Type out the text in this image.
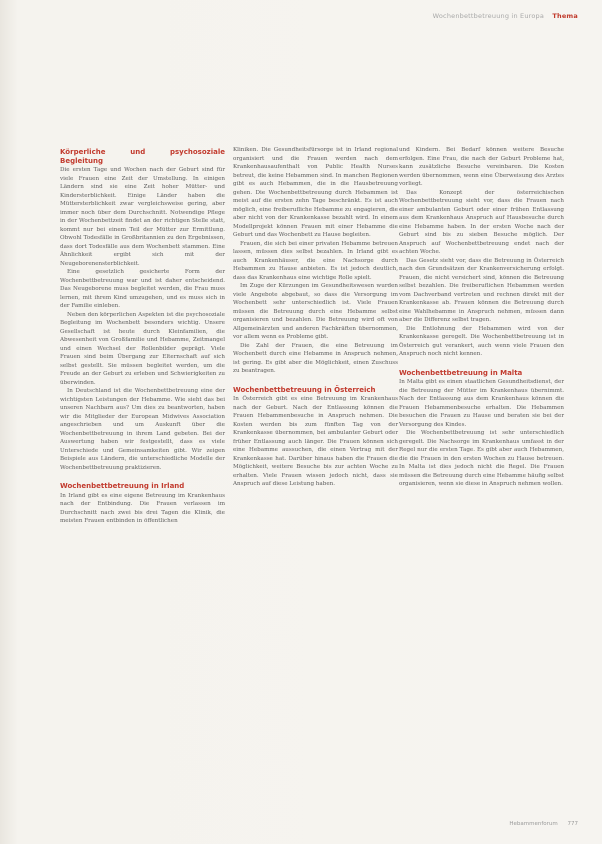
Wochenbettbetreuung in Europa Thema
Körperliche und psychosoziale Begleitung

Die ersten Tage und Wochen nach der Geburt sind für viele Frauen eine Zeit der Umstellung. In einigen Ländern sind sie eine Zeit hoher Mütter- und Kindersterblichkeit. Einige Länder haben die Müttersterblichkeit zwar vergleichsweise gering, aber immer noch über dem Durchschnitt. Notwendige Pflege in der Wochenbettzeit findet an der richtigen Stelle statt, kommt nur bei einem Teil der Mütter zur Ermittlung. Obwohl Todesfälle in Großbritannien zu den Ergebnissen, dass dort Todesfälle aus dem Wochenbett stammen. Eine Ähnlichkeit ergibt sich mit der Neugeborenensterblichkeit.

Eine gesetzlich gesicherte Form der Wochenbettbetreuung war und ist daher entscheidend. Das Neugeborene muss begleitet werden, die Frau muss lernen, mit ihrem Kind umzugehen, und es muss sich in der Familie einleben.

Neben den körperlichen Aspekten ist die psychosoziale Begleitung im Wochenbett besonders wichtig. Unsere Gesellschaft ist heute durch Kleinfamilien, die Abwesenheit von Großfamilie und Hebamme, Zeitmangel und einen Wechsel der Rollenbilder geprägt. Viele Frauen sind beim Übergang zur Elternschaft auf sich selbst gestellt. Sie müssen begleitet werden, um die Freude an der Geburt zu erleben und Schwierigkeiten zu überwinden.

In Deutschland ist die Wochenbettbetreuung eine der wichtigsten Leistungen der Hebamme. Wie sieht das bei unseren Nachbarn aus? Um dies zu beantworten, haben wir die Mitglieder der European Midwives Association angeschrieben und um Auskunft über die Wochenbettbetreuung in ihrem Land gebeten. Bei der Auswertung haben wir festgestellt, dass es viele Unterschiede und Gemeinsamkeiten gibt. Wir zeigen Beispiele aus Ländern, die unterschiedliche Modelle der Wochenbettbetreuung praktizieren.

Wochenbettbetreuung in Irland

In Irland gibt es eine eigene Betreuung im Krankenhaus nach der Entbindung. Die Frauen verlassen im Durchschnitt nach zwei bis drei Tagen die Klinik, die meisten Frauen entbinden in öffentlichen

Kliniken. Die Gesundheitsfürsorge ist in Irland regional organisiert und die Frauen werden nach dem Krankenhausaufenthalt von Public Health Nurses betreut, die keine Hebammen sind. In manchen Regionen gibt es auch Hebammen, die in die Hausbetreuung gehen. Die Wochenbettbetreuung durch Hebammen ist meist auf die ersten zehn Tage beschränkt. Es ist auch möglich, eine freiberufliche Hebamme zu engagieren, die aber nicht von der Krankenkasse bezahlt wird. In einem Modellprojekt können Frauen mit einer Hebamme die Geburt und das Wochenbett zu Hause begleiten.

Frauen, die sich bei einer privaten Hebamme betreuen lassen, müssen dies selbst bezahlen. In Irland gibt es auch Krankenhäuser, die eine Nachsorge durch Hebammen zu Hause anbieten. Es ist jedoch deutlich, dass das Krankenhaus eine wichtige Rolle spielt.

Im Zuge der Kürzungen im Gesundheitswesen wurden viele Angebote abgebaut, so dass die Versorgung im Wochenbett sehr unterschiedlich ist. Viele Frauen müssen die Betreuung durch eine Hebamme selbst organisieren und bezahlen. Die Betreuung wird oft von Allgemeinärzten und anderen Fachkräften übernommen, vor allem wenn es Probleme gibt.

Die Zahl der Frauen, die eine Betreuung im Wochenbett durch eine Hebamme in Anspruch nehmen, ist gering. Es gibt aber die Möglichkeit, einen Zuschuss zu beantragen.

Wochenbettbetreuung in Österreich

In Österreich gibt es eine Betreuung im Krankenhaus nach der Geburt. Nach der Entlassung können die Frauen Hebammenbesuche in Anspruch nehmen. Die Kosten werden bis zum fünften Tag von der Krankenkasse übernommen, bei ambulanter Geburt oder früher Entlassung auch länger. Die Frauen können sich eine Hebamme aussuchen, die einen Vertrag mit der Krankenkasse hat. Darüber hinaus haben die Frauen die Möglichkeit, weitere Besuche bis zur achten Woche zu erhalten. Viele Frauen wissen jedoch nicht, dass sie Anspruch auf diese Leistung haben.

und Kindern. Bei Bedarf können weitere Besuche erfolgen. Eine Frau, die nach der Geburt Probleme hat, kann zusätzliche Besuche vereinbaren. Die Kosten werden übernommen, wenn eine Überweisung des Arztes vorliegt.

Das Konzept der österreichischen Wochenbettbetreuung sieht vor, dass die Frauen nach einer ambulanten Geburt oder einer frühen Entlassung aus dem Krankenhaus Anspruch auf Hausbesuche durch eine Hebamme haben. In der ersten Woche nach der Geburt sind bis zu sieben Besuche möglich. Der Anspruch auf Wochenbettbetreuung endet nach der achten Woche.

Das Gesetz sieht vor, dass die Betreuung in Österreich nach den Grundsätzen der Krankenversicherung erfolgt. Frauen, die nicht versichert sind, können die Betreuung selbst bezahlen. Die freiberuflichen Hebammen werden vom Dachverband vertreten und rechnen direkt mit der Krankenkasse ab. Frauen können die Betreuung durch eine Wahlhebamme in Anspruch nehmen, müssen dann aber die Differenz selbst tragen.

Die Entlohnung der Hebammen wird von der Krankenkasse geregelt. Die Wochenbettbetreuung ist in Österreich gut verankert, auch wenn viele Frauen den Anspruch noch nicht kennen.

Wochenbettbetreuung in Malta

In Malta gibt es einen staatlichen Gesundheitsdienst, der die Betreuung der Mütter im Krankenhaus übernimmt. Nach der Entlassung aus dem Krankenhaus können die Frauen Hebammenbesuche erhalten. Die Hebammen besuchen die Frauen zu Hause und beraten sie bei der Versorgung des Kindes.

Die Wochenbettbetreuung ist sehr unterschiedlich geregelt. Die Nachsorge im Krankenhaus umfasst in der Regel nur die ersten Tage. Es gibt aber auch Hebammen, die die Frauen in den ersten Wochen zu Hause betreuen. In Malta ist dies jedoch nicht die Regel. Die Frauen müssen die Betreuung durch eine Hebamme häufig selbst organisieren, wenn sie diese in Anspruch nehmen wollen.

Hebammenforum 777
